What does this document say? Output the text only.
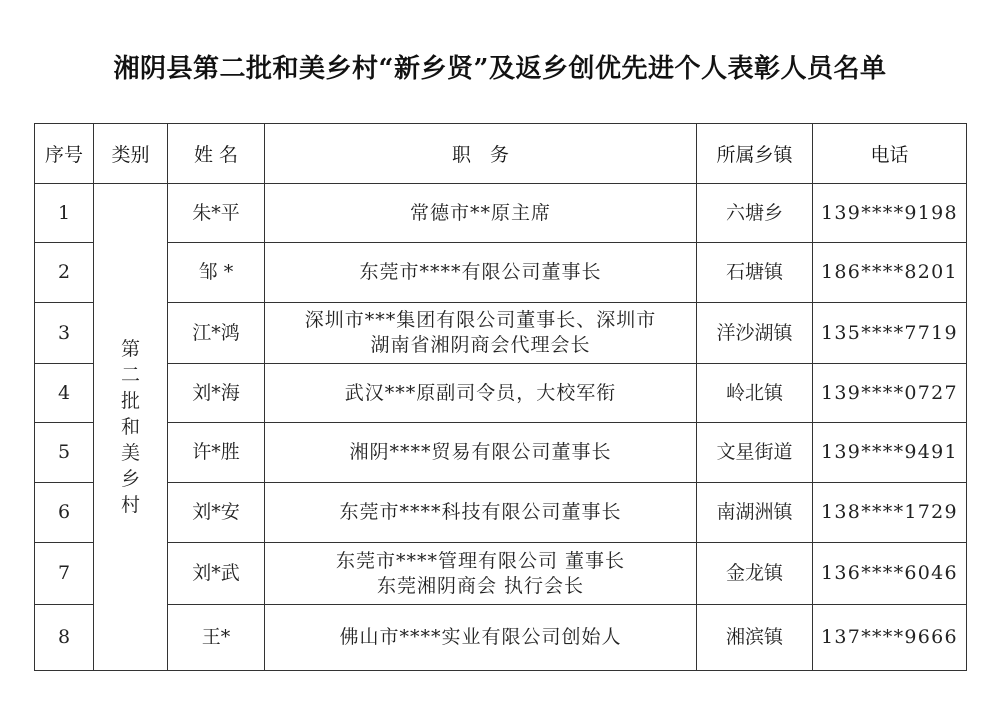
湘阴县第二批和美乡村“新乡贤”及返乡创优先进个人表彰人员名单
序号	类别	姓 名	职　务	所属乡镇	电话
1	第二批和美乡村	朱*平	常德市**原主席	六塘乡	139****9198
2		邹 *	东莞市****有限公司董事长	石塘镇	186****8201
3		江*鸿	深圳市***集团有限公司董事长、深圳市
湖南省湘阴商会代理会长	洋沙湖镇	135****7719
4		刘*海	武汉***原副司令员，大校军衔	岭北镇	139****0727
5		许*胜	湘阴****贸易有限公司董事长	文星街道	139****9491
6		刘*安	东莞市****科技有限公司董事长	南湖洲镇	138****1729
7		刘*武	东莞市****管理有限公司 董事长
东莞湘阴商会 执行会长	金龙镇	136****6046
8		王*	佛山市****实业有限公司创始人	湘滨镇	137****9666
